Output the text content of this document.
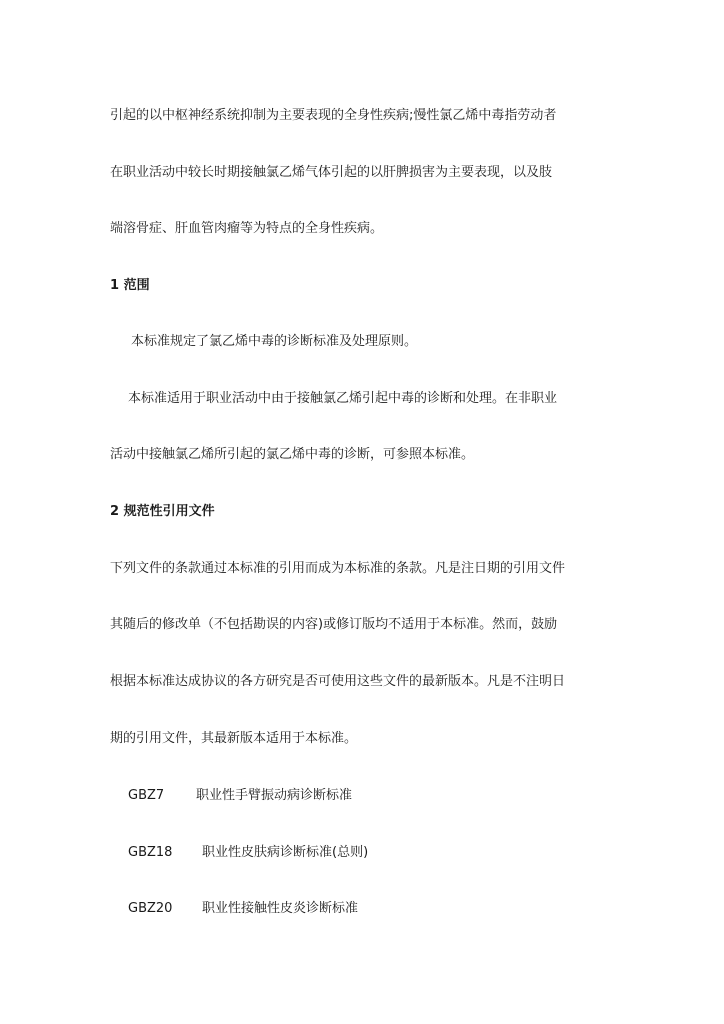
引起的以中枢神经系统抑制为主要表现的全身性疾病;慢性氯乙烯中毒指劳动者
在职业活动中较长时期接触氯乙烯气体引起的以肝脾损害为主要表现，以及肢
端溶骨症、肝血管肉瘤等为特点的全身性疾病。
1 范围
本标准规定了氯乙烯中毒的诊断标准及处理原则。
本标准适用于职业活动中由于接触氯乙烯引起中毒的诊断和处理。在非职业
活动中接触氯乙烯所引起的氯乙烯中毒的诊断，可参照本标准。
2 规范性引用文件
下列文件的条款通过本标准的引用而成为本标准的条款。凡是注日期的引用文件
其随后的修改单（不包括勘误的内容)或修订版均不适用于本标准。然而，鼓励
根据本标准达成协议的各方研究是否可使用这些文件的最新版本。凡是不注明日
期的引用文件，其最新版本适用于本标准。
GBZ7 职业性手臂振动病诊断标准
GBZ18 职业性皮肤病诊断标准(总则)
GBZ20 职业性接触性皮炎诊断标准
